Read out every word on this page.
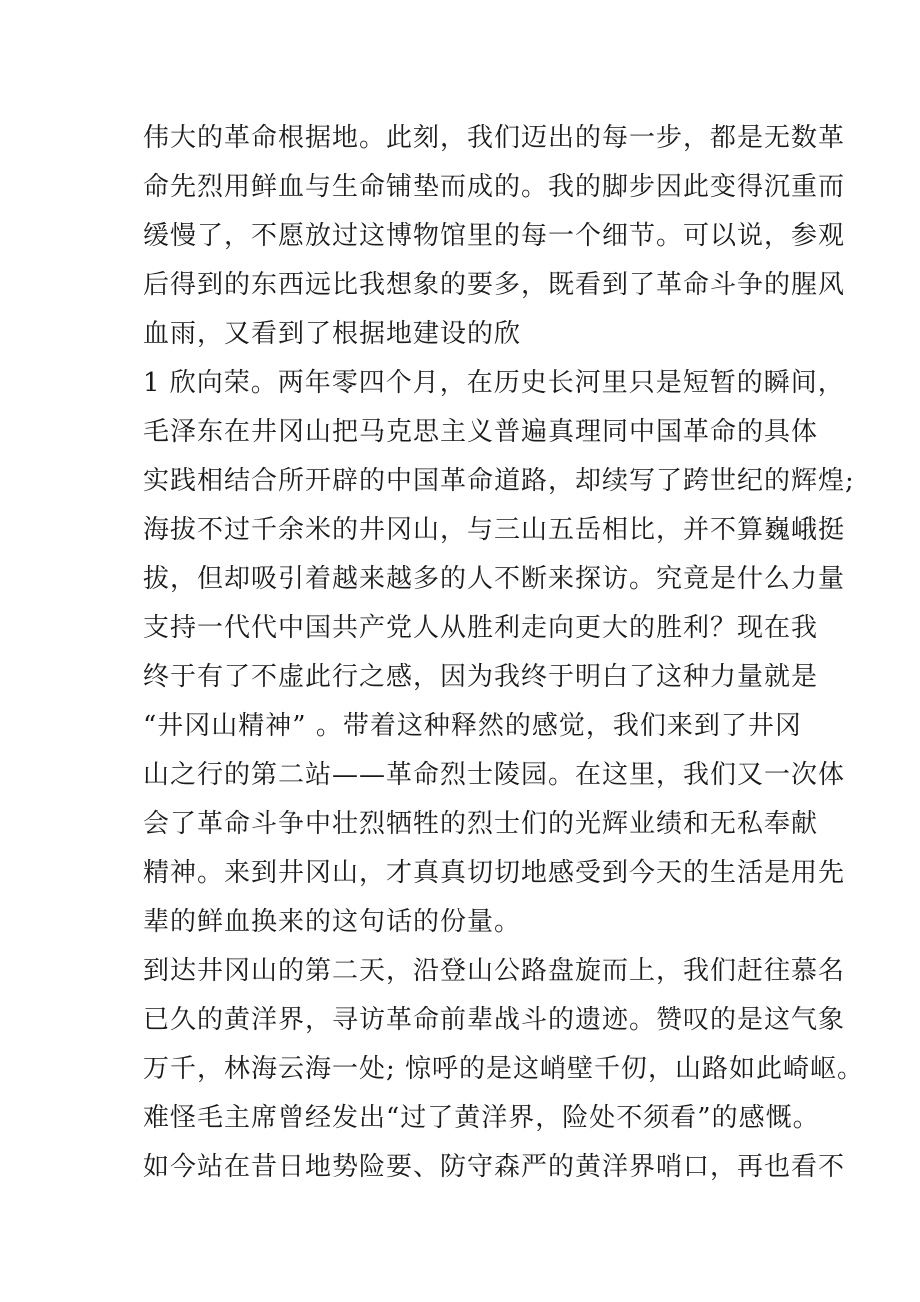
伟大的革命根据地。此刻，我们迈出的每一步，都是无数革
命先烈用鲜血与生命铺垫而成的。我的脚步因此变得沉重而
缓慢了，不愿放过这博物馆里的每一个细节。可以说，参观
后得到的东西远比我想象的要多，既看到了革命斗争的腥风
血雨，又看到了根据地建设的欣
1 欣向荣。两年零四个月，在历史长河里只是短暂的瞬间，
毛泽东在井冈山把马克思主义普遍真理同中国革命的具体
实践相结合所开辟的中国革命道路，却续写了跨世纪的辉煌;
海拔不过千余米的井冈山，与三山五岳相比，并不算巍峨挺
拔，但却吸引着越来越多的人不断来探访。究竟是什么力量
支持一代代中国共产党人从胜利走向更大的胜利？现在我
终于有了不虚此行之感，因为我终于明白了这种力量就是
“井冈山精神” 。带着这种释然的感觉，我们来到了井冈
山之行的第二站——革命烈士陵园。在这里，我们又一次体
会了革命斗争中壮烈牺牲的烈士们的光辉业绩和无私奉献
精神。来到井冈山，才真真切切地感受到今天的生活是用先
辈的鲜血换来的这句话的份量。
到达井冈山的第二天，沿登山公路盘旋而上，我们赶往慕名
已久的黄洋界，寻访革命前辈战斗的遗迹。赞叹的是这气象
万千，林海云海一处; 惊呼的是这峭壁千仞，山路如此崎岖。
难怪毛主席曾经发出“过了黄洋界，险处不须看”的感慨。
如今站在昔日地势险要、防守森严的黄洋界哨口，再也看不
